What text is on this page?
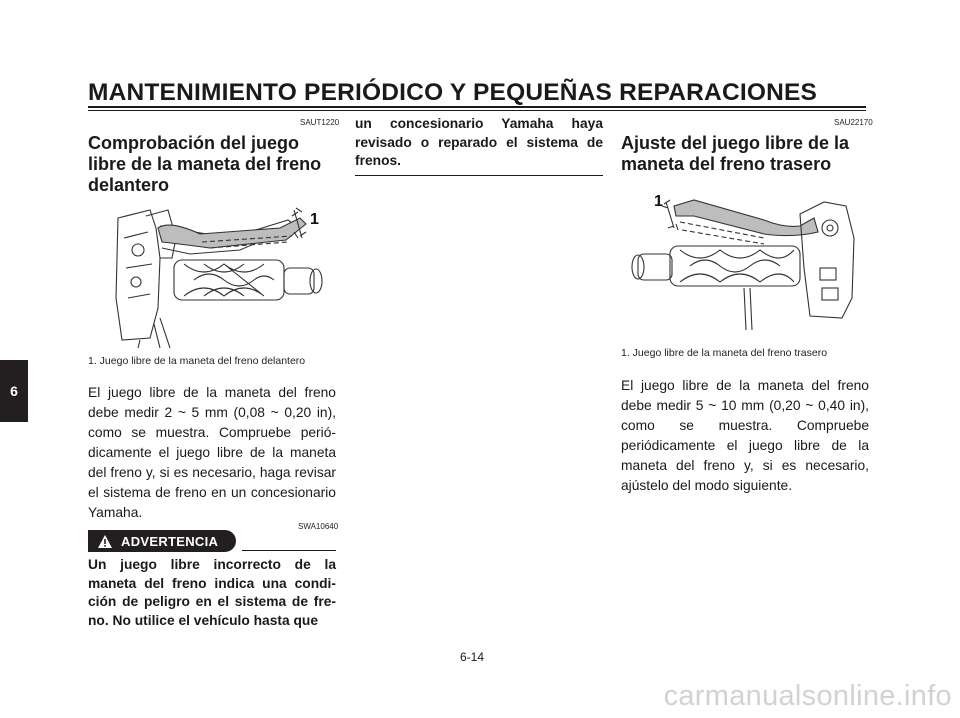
MANTENIMIENTO PERIÓDICO Y PEQUEÑAS REPARACIONES
6
SAUT1220
Comprobación del juego libre de la maneta del freno delantero
1
1. Juego libre de la maneta del freno delantero

El juego libre de la maneta del freno debe medir 2 ~ 5 mm (0,08 ~ 0,20 in), como se muestra. Compruebe periódicamente el juego libre de la maneta del freno y, si es necesario, haga revisar el sistema de freno en un concesionario Yamaha.

SWA10640
ADVERTENCIA

Un juego libre incorrecto de la maneta del freno indica una condición de peligro en el sistema de freno. No utilice el vehículo hasta que

un concesionario Yamaha haya revisado o reparado el sistema de frenos.

SAU22170
Ajuste del juego libre de la maneta del freno trasero
1
1. Juego libre de la maneta del freno trasero

El juego libre de la maneta del freno debe medir 5 ~ 10 mm (0,20 ~ 0,40 in), como se muestra. Compruebe periódicamente el juego libre de la maneta del freno y, si es necesario, ajústelo del modo siguiente.

6-14
carmanualsonline.info
